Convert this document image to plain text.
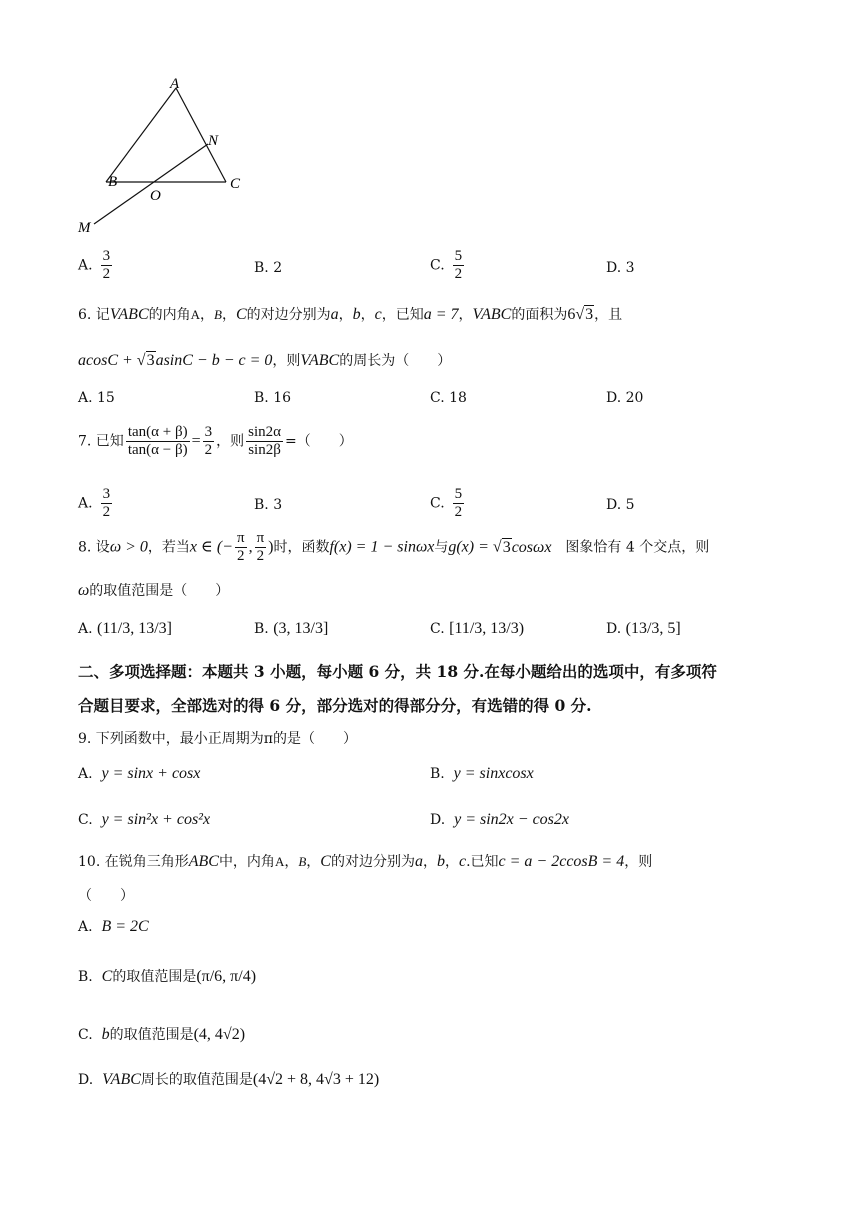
A
N
B	C
O
M
A. $\frac{3}{2}$	B. 2	C. $\frac{5}{2}$	D. 3
6. 记VABC的内角A，B，C的对边分别为a，b，c，已知a = 7，VABC的面积为6√3，且
acosC + √3asinC − b − c = 0，则VABC的周长为（　　）
A. 15	B. 16	C. 18	D. 20
7. 已知 $\frac{\tan(\alpha + \beta)}{\tan(\alpha - \beta)} = \frac{3}{2}$ ，则 $\frac{\sin 2\alpha}{\sin 2\beta}$ =（　　）
A. $\frac{3}{2}$	B. 3	C. $\frac{5}{2}$	D. 5
8. 设ω > 0，若当x ∈ (− $\frac{\pi}{2}$ , $\frac{\pi}{2}$ )时，函数f(x) = 1 − sinωx与g(x) = √3cosωx 图象恰有 4 个交点，则
ω的取值范围是（　　）
A. (11/3, 13/3]	B. (3, 13/3]	C. [11/3, 13/3)	D. (13/3, 5]
二、多项选择题：本题共 3 小题，每小题 6 分，共 18 分.在每小题给出的选项中，有多项符
合题目要求，全部选对的得 6 分，部分选对的得部分分，有选错的得 0 分.
9. 下列函数中，最小正周期为π的是（　　）
A. y = sinx + cosx	B. y = sinxcosx
C. y = sin²x + cos²x	D. y = sin2x − cos2x
10. 在锐角三角形ABC中，内角A，B，C的对边分别为a，b，c.已知c = a − 2ccosB = 4，则
（　　）
A. B = 2C
B. C的取值范围是(π/6, π/4)
C. b的取值范围是(4, 4√2)
D. VABC周长的取值范围是(4√2 + 8, 4√3 + 12)
